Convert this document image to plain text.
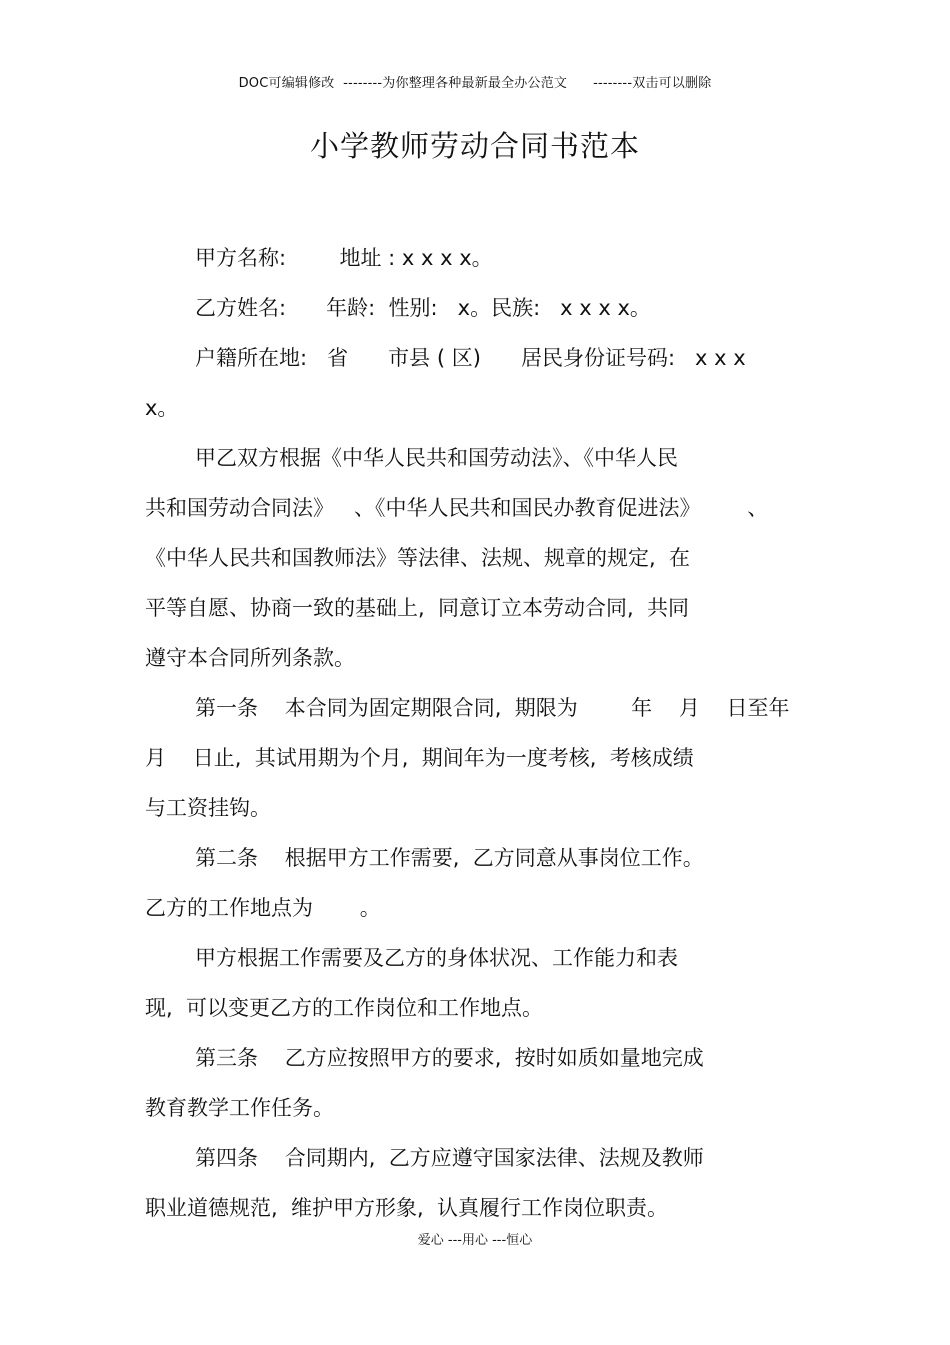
DOC可编辑修改  --------为你整理各种最新最全办公范文      --------双击可以删除
小学教师劳动合同书范本
甲方名称:        地址 : x x x x。
乙方姓名:      年龄:  性别:   x。民族:   x x x x。
户籍所在地:   省      市县 ( 区)      居民身份证号码:   x x x
x。
甲乙双方根据《中华人民共和国劳动法》、《中华人民
共和国劳动合同法》   、《中华人民共和国民办教育促进法》       、
《中华人民共和国教师法》等法律、法规、规章的规定,  在
平等自愿、协商一致的基础上,  同意订立本劳动合同,  共同
遵守本合同所列条款。
第一条    本合同为固定期限合同,  期限为        年    月    日至年
月    日止,  其试用期为个月,  期间年为一度考核,  考核成绩
与工资挂钩。
第二条    根据甲方工作需要,  乙方同意从事岗位工作。
乙方的工作地点为       。
甲方根据工作需要及乙方的身体状况、工作能力和表
现,  可以变更乙方的工作岗位和工作地点。
第三条    乙方应按照甲方的要求,  按时如质如量地完成
教育教学工作任务。
第四条    合同期内,  乙方应遵守国家法律、法规及教师
职业道德规范,  维护甲方形象,  认真履行工作岗位职责。
爱心 ---用心 ---恒心
